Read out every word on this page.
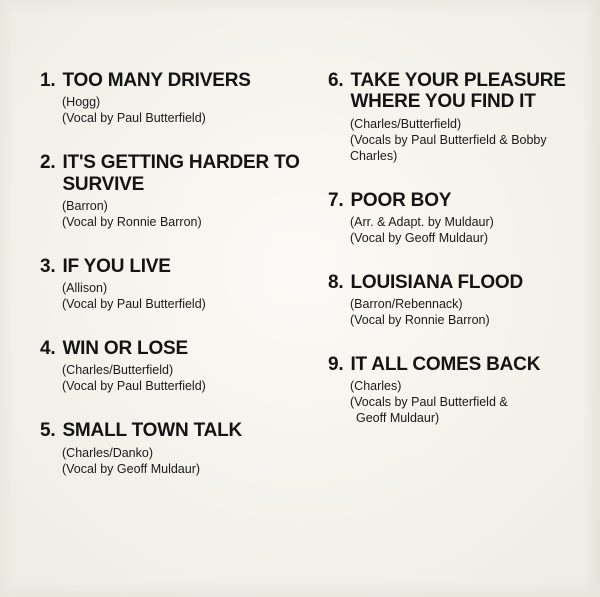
1. TOO MANY DRIVERS
(Hogg)
(Vocal by Paul Butterfield)
2. IT'S GETTING HARDER TO SURVIVE
(Barron)
(Vocal by Ronnie Barron)
3. IF YOU LIVE
(Allison)
(Vocal by Paul Butterfield)
4. WIN OR LOSE
(Charles/Butterfield)
(Vocal by Paul Butterfield)
5. SMALL TOWN TALK
(Charles/Danko)
(Vocal by Geoff Muldaur)
6. TAKE YOUR PLEASURE WHERE YOU FIND IT
(Charles/Butterfield)
(Vocals by Paul Butterfield & Bobby
Charles)
7. POOR BOY
(Arr. & Adapt. by Muldaur)
(Vocal by Geoff Muldaur)
8. LOUISIANA FLOOD
(Barron/Rebennack)
(Vocal by Ronnie Barron)
9. IT ALL COMES BACK
(Charles)
(Vocals by Paul Butterfield &
Geoff Muldaur)
